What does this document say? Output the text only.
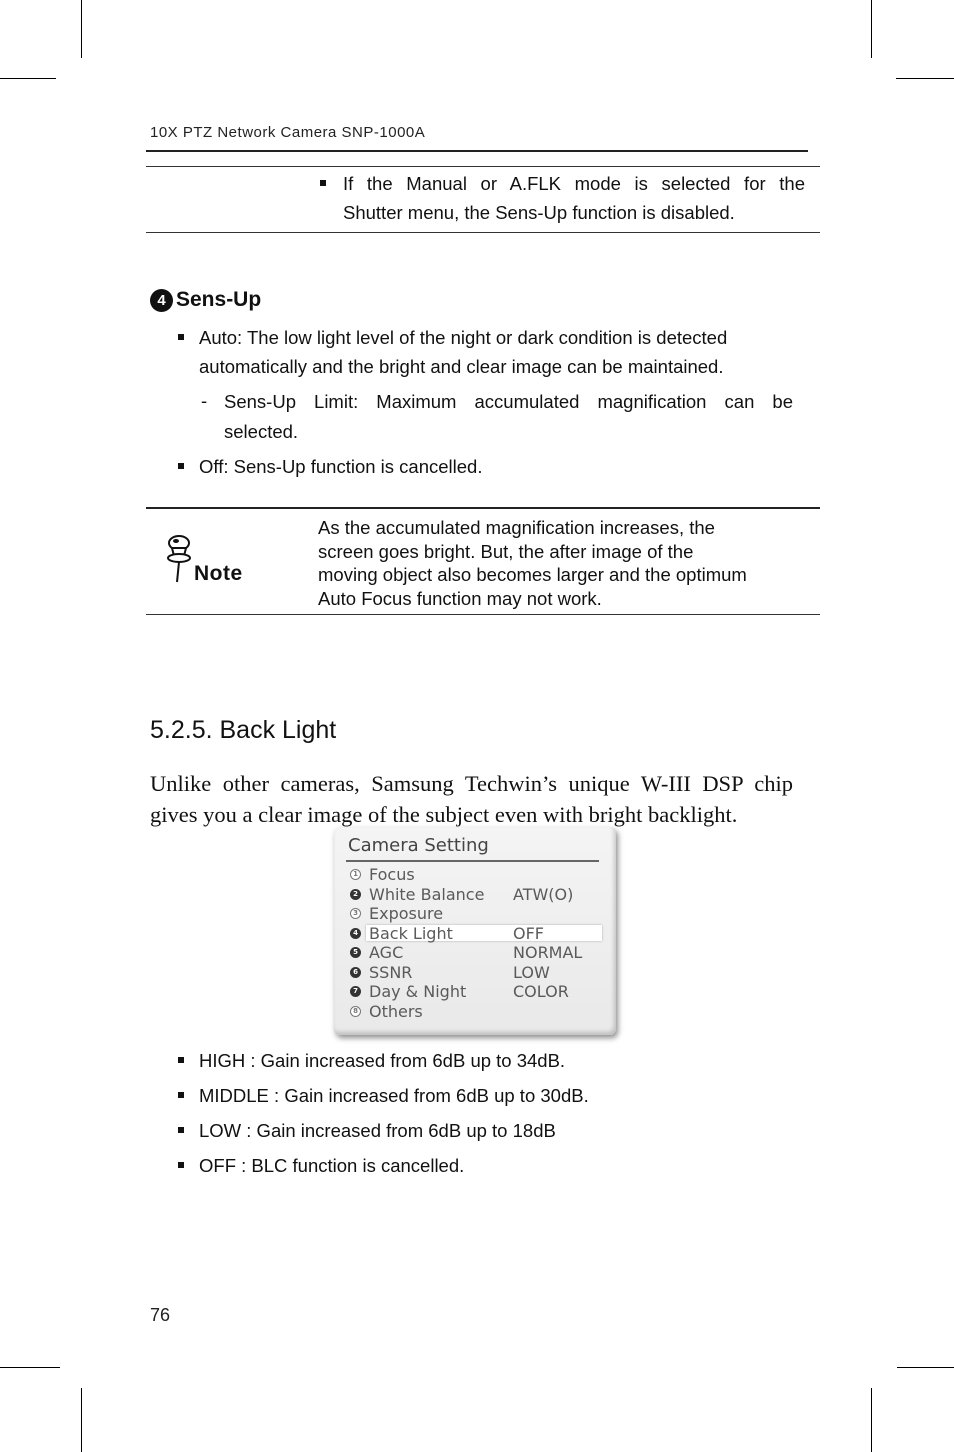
10X PTZ Network Camera SNP-1000A
If the Manual or A.FLK mode is selected for the
Shutter menu, the Sens-Up function is disabled.
4 Sens-Up
Auto: The low light level of the night or dark condition is detected
automatically and the bright and clear image can be maintained.
- Sens-Up Limit: Maximum accumulated magnification can be
selected.
Off: Sens-Up function is cancelled.
Note
As the accumulated magnification increases, the
screen goes bright. But, the after image of the
moving object also becomes larger and the optimum
Auto Focus function may not work.
5.2.5. Back Light
Unlike other cameras, Samsung Techwin’s unique W-III DSP chip
gives you a clear image of the subject even with bright backlight.
Camera Setting
1 Focus
2 White Balance ATW(O)
3 Exposure
4 Back Light	OFF
5 AGC	NORMAL
6 SSNR	LOW
7 Day & Night	COLOR
8 Others
HIGH : Gain increased from 6dB up to 34dB.
MIDDLE : Gain increased from 6dB up to 30dB.
LOW : Gain increased from 6dB up to 18dB
OFF : BLC function is cancelled.
76
